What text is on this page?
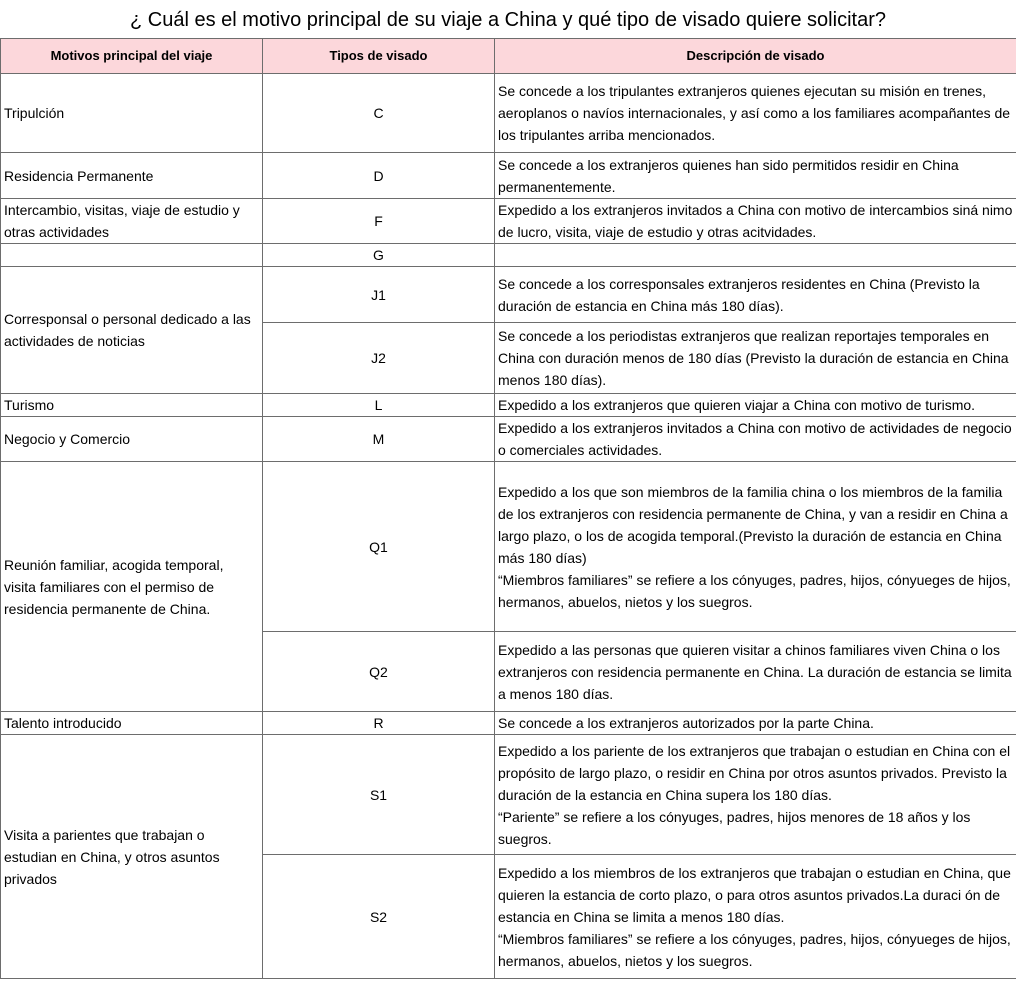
¿ Cuál es el motivo principal de su viaje a China y qué tipo de visado quiere solicitar?
Motivos principal del viaje	Tipos de visado	Descripción de visado
Tripulción	C	Se concede a los tripulantes extranjeros quienes ejecutan su misión en trenes, aeroplanos o navíos internacionales, y así como a los familiares acompañantes de los tripulantes arriba mencionados.
Residencia Permanente	D	Se concede a los extranjeros quienes han sido permitidos residir en China permanentemente.
Intercambio, visitas, viaje de estudio y otras actividades	F	Expedido a los extranjeros invitados a China con motivo de intercambios siná nimo de lucro, visita, viaje de estudio y otras acitvidades.
	G	
Corresponsal o personal dedicado a las actividades de noticias	J1	Se concede a los corresponsales extranjeros residentes en China (Previsto la duración de estancia en China más 180 días).
	J2	Se concede a los periodistas extranjeros que realizan reportajes temporales en China con duración menos de 180 días (Previsto la duración de estancia en China menos 180 días).
Turismo	L	Expedido a los extranjeros que quieren viajar a China con motivo de turismo.
Negocio y Comercio	M	Expedido a los extranjeros invitados a China con motivo de actividades de negocio o comerciales actividades.
Reunión familiar, acogida temporal, visita familiares con el permiso de residencia permanente de China.	Q1	Expedido a los que son miembros de la familia china o los miembros de la familia de los extranjeros con residencia permanente de China, y van a residir en China a largo plazo, o los de acogida temporal.(Previsto la duración de estancia en China más 180 días)
“Miembros familiares” se refiere a los cónyuges, padres, hijos, cónyueges de hijos, hermanos, abuelos, nietos y los suegros.
	Q2	Expedido a las personas que quieren visitar a chinos familiares viven China o los extranjeros con residencia permanente en China. La duración de estancia se limita a menos 180 días.
Talento introducido	R	Se concede a los extranjeros autorizados por la parte China.
Visita a parientes que trabajan o estudian en China, y otros asuntos privados	S1	Expedido a los pariente de los extranjeros que trabajan o estudian en China con el propósito de largo plazo, o residir en China por otros asuntos privados. Previsto la duración de la estancia en China supera los 180 días.
“Pariente” se refiere a los cónyuges, padres, hijos menores de 18 años y los suegros.
	S2	Expedido a los miembros de los extranjeros que trabajan o estudian en China, que quieren la estancia de corto plazo, o para otros asuntos privados.La duraci ón de estancia en China se limita a menos 180 días.
“Miembros familiares” se refiere a los cónyuges, padres, hijos, cónyueges de hijos, hermanos, abuelos, nietos y los suegros.
